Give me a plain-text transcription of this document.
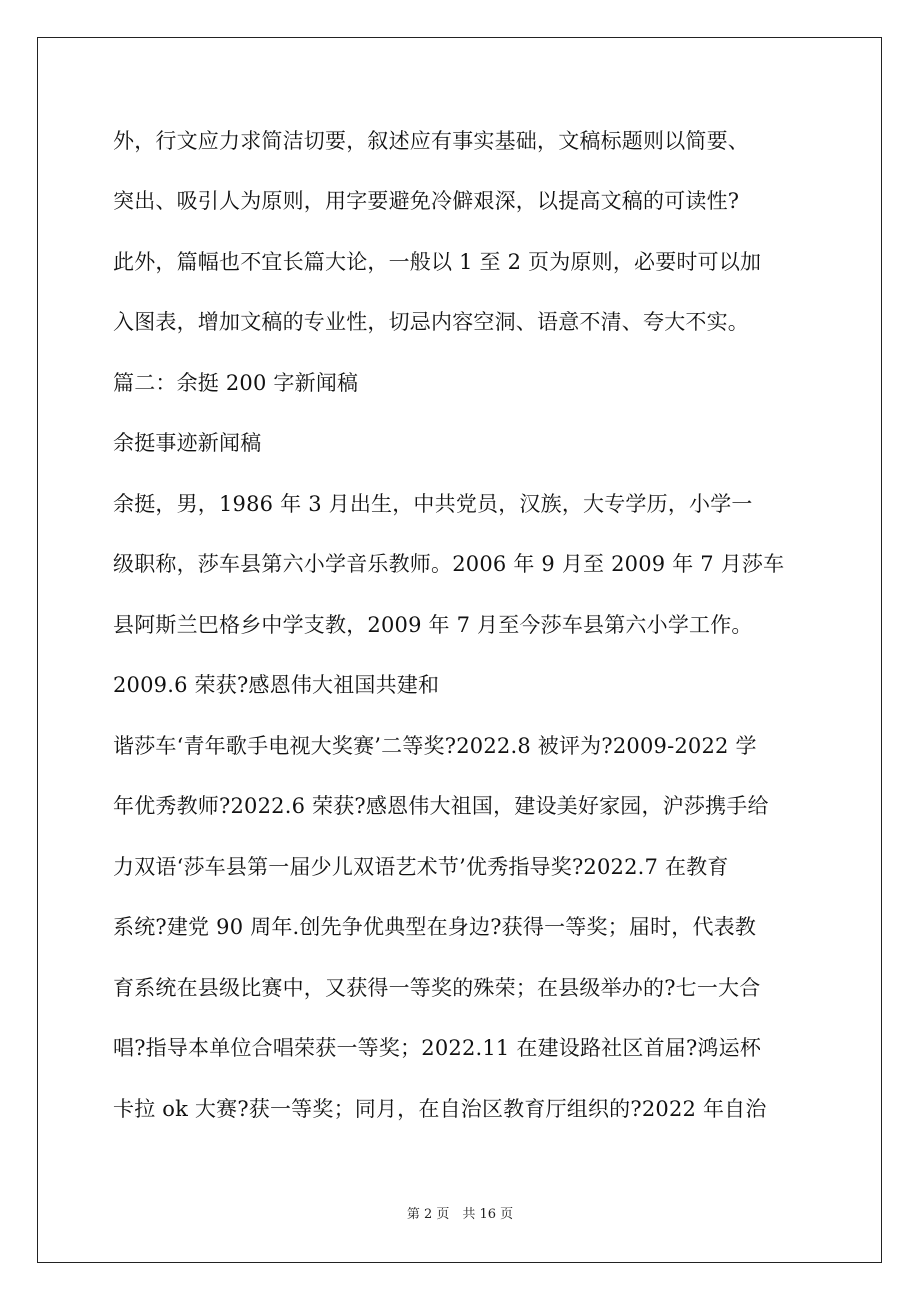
外，行文应力求简洁切要，叙述应有事实基础，文稿标题则以简要、
突出、吸引人为原则，用字要避免冷僻艰深，以提高文稿的可读性?
此外，篇幅也不宜长篇大论，一般以 1 至 2 页为原则，必要时可以加
入图表，增加文稿的专业性，切忌内容空洞、语意不清、夸大不实。
篇二：余挺 200 字新闻稿
余挺事迹新闻稿
余挺，男，1986 年 3 月出生，中共党员，汉族，大专学历，小学一
级职称，莎车县第六小学音乐教师。2006 年 9 月至 2009 年 7 月莎车
县阿斯兰巴格乡中学支教，2009 年 7 月至今莎车县第六小学工作。
2009.6 荣获?感恩伟大祖国共建和
谐莎车‘青年歌手电视大奖赛’二等奖?2022.8 被评为?2009-2022 学
年优秀教师?2022.6 荣获?感恩伟大祖国，建设美好家园，沪莎携手给
力双语‘莎车县第一届少儿双语艺术节’优秀指导奖?2022.7 在教育
系统?建党 90 周年.创先争优典型在身边?获得一等奖；届时，代表教
育系统在县级比赛中，又获得一等奖的殊荣；在县级举办的?七一大合
唱?指导本单位合唱荣获一等奖；2022.11 在建设路社区首届?鸿运杯
卡拉 ok 大赛?获一等奖；同月，在自治区教育厅组织的?2022 年自治
第 2 页　共 16 页
